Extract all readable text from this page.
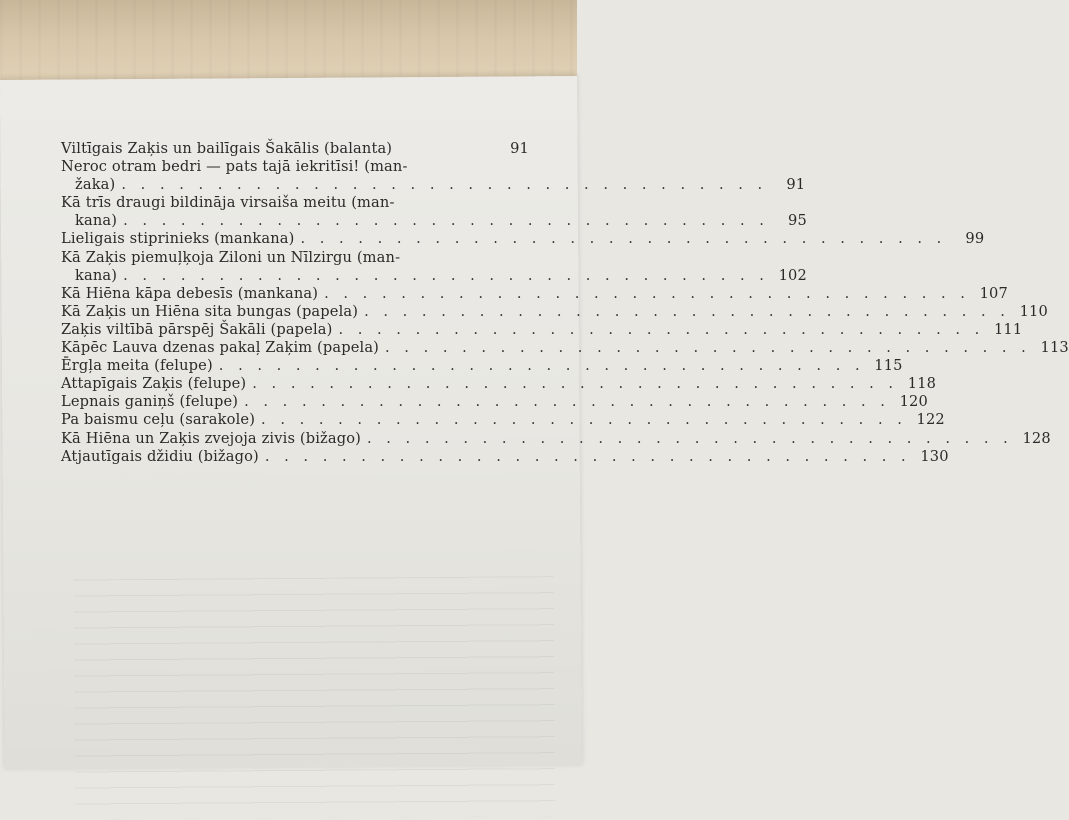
Viltīgais Zaķis un bailīgais Šakālis (balanta)	91
Neroc otram bedri — pats tajā iekritīsi! (man-
žaka) . . . . . . . . . . . . . . . . . . . . . . . . . . . . . . . . . .	91
Kā trīs draugi bildināja virsaiša meitu (man-
kana) . . . . . . . . . . . . . . . . . . . . . . . . . . . . . . . . . .	95
Lieligais stiprinieks (mankana) . . . . . . . . . . . . . . . . . . . . . . . . . . . . . . . . . .	99
Kā Zaķis piemuļķoja Ziloni un Nīlzirgu (man-
kana) . . . . . . . . . . . . . . . . . . . . . . . . . . . . . . . . . . 102
Kā Hiēna kāpa debesīs (mankana) . . . . . . . . . . . . . . . . . . . . . . . . . . . . . . . . . . 107
Kā Zaķis un Hiēna sita bungas (papela) . . . . . . . . . . . . . . . . . . . . . . . . . . . . . . . . . . 110
Zaķis viltībā pārspēj Šakāli (papela) . . . . . . . . . . . . . . . . . . . . . . . . . . . . . . . . . . 111
Kāpēc Lauva dzenas pakaļ Zaķim (papela) . . . . . . . . . . . . . . . . . . . . . . . . . . . . . . . . . . 113
Ērgļa meita (felupe) . . . . . . . . . . . . . . . . . . . . . . . . . . . . . . . . . . 115
Attapīgais Zaķis (felupe) . . . . . . . . . . . . . . . . . . . . . . . . . . . . . . . . . . 118
Lepnais ganiņš (felupe) . . . . . . . . . . . . . . . . . . . . . . . . . . . . . . . . . . 120
Pa baismu ceļu (sarakole) . . . . . . . . . . . . . . . . . . . . . . . . . . . . . . . . . . 122
Kā Hiēna un Zaķis zvejoja zivis (bižago) . . . . . . . . . . . . . . . . . . . . . . . . . . . . . . . . . . 128
Atjautīgais džidiu (bižago) . . . . . . . . . . . . . . . . . . . . . . . . . . . . . . . . . . 130
